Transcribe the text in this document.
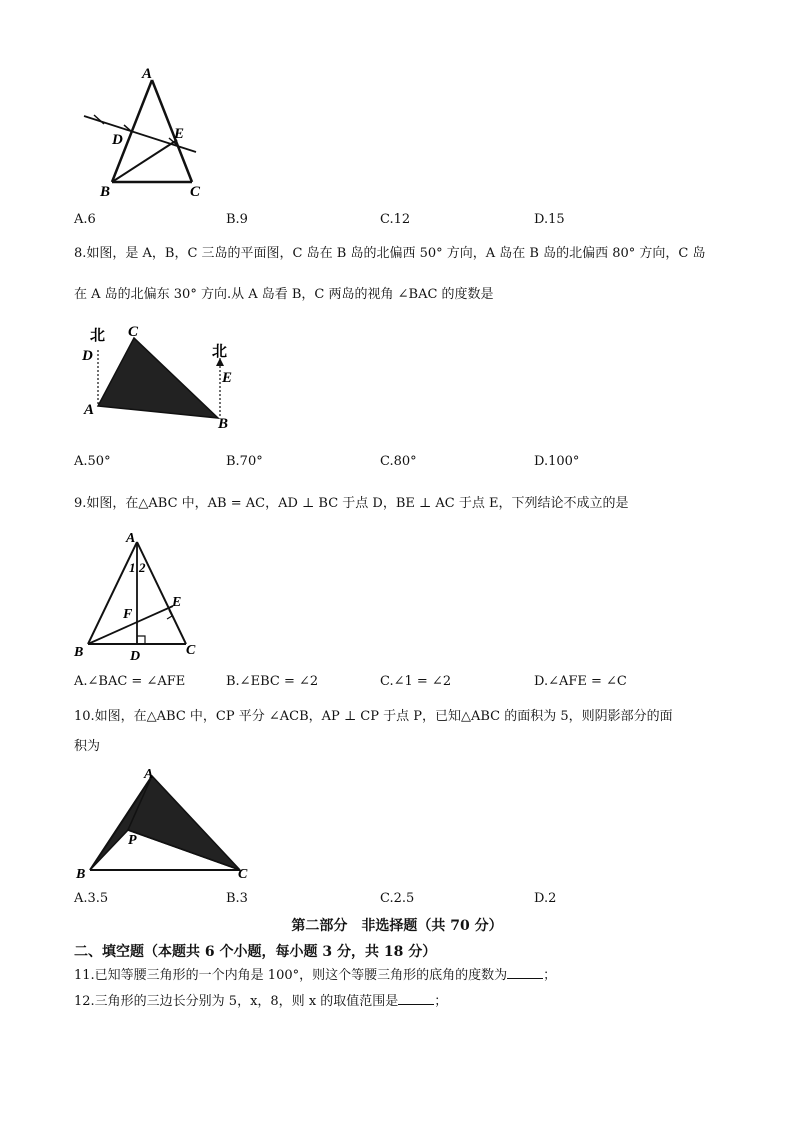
A
D	E
B	C
A.6	B.9	C.12	D.15
8.如图，是 A，B，C 三岛的平面图，C 岛在 B 岛的北偏西 50° 方向，A 岛在 B 岛的北偏西 80° 方向，C 岛
在 A 岛的北偏东 30° 方向.从 A 岛看 B，C 两岛的视角 ∠BAC 的度数是
北
北
D
C
E
A
B
A.50°	B.70°	C.80°	D.100°
9.如图，在△ABC 中，AB = AC，AD ⊥ BC 于点 D，BE ⊥ AC 于点 E，下列结论不成立的是
A
1 2
E
F
B	D	C
A.∠BAC = ∠AFE	B.∠EBC = ∠2	C.∠1 = ∠2	D.∠AFE = ∠C
10.如图，在△ABC 中，CP 平分 ∠ACB，AP ⊥ CP 于点 P，已知△ABC 的面积为 5，则阴影部分的面
积为
A
P
B	C
A.3.5	B.3	C.2.5	D.2
第二部分　非选择题（共 70 分）
二、填空题（本题共 6 个小题，每小题 3 分，共 18 分）
11.已知等腰三角形的一个内角是 100°，则这个等腰三角形的底角的度数为	；
12.三角形的三边长分别为 5，x，8，则 x 的取值范围是	；
